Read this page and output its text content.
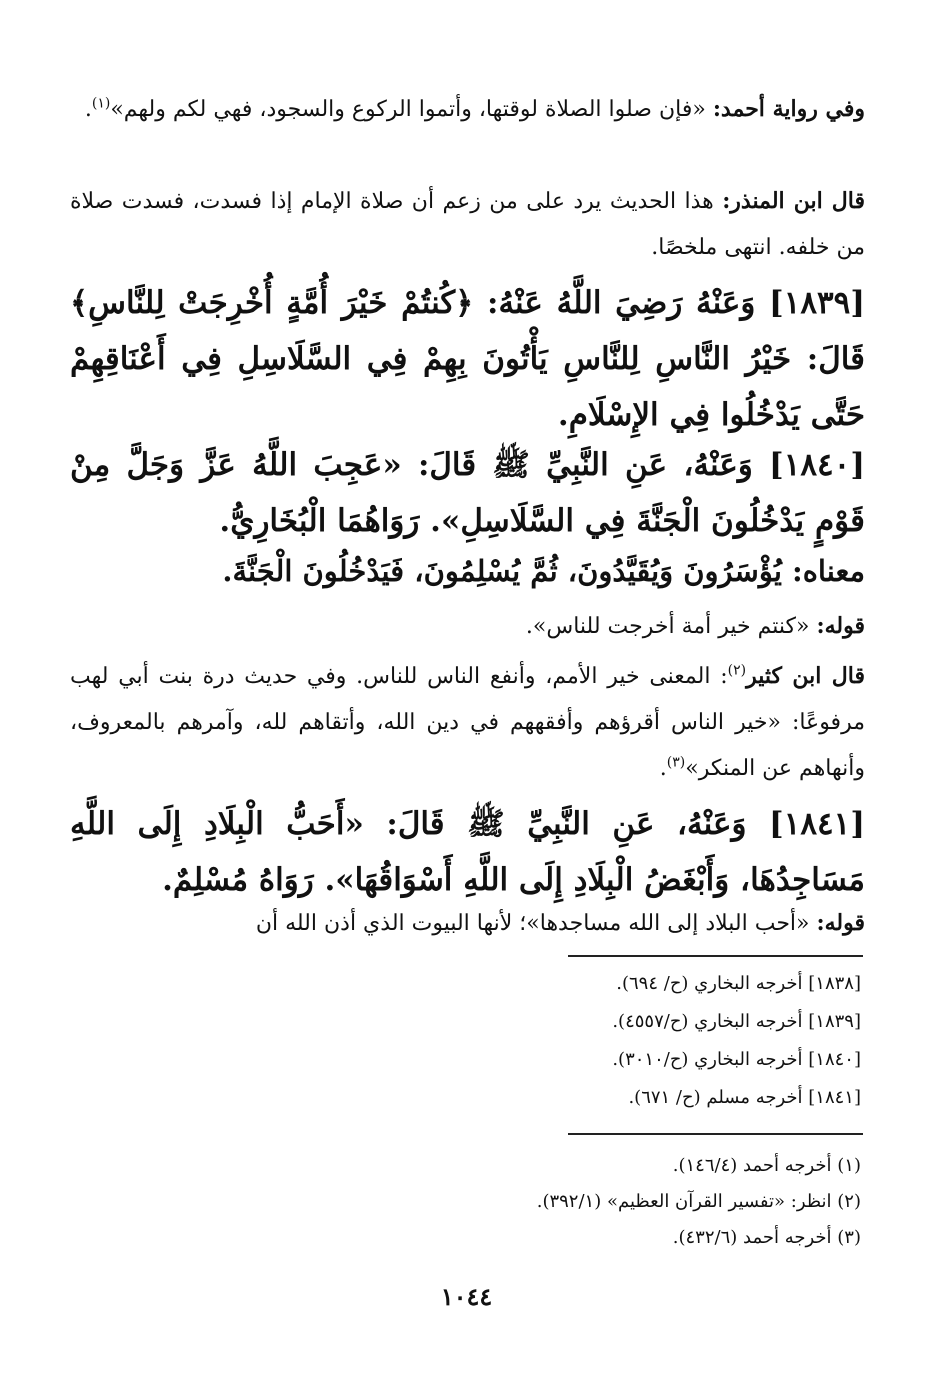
وفي رواية أحمد: «فإن صلوا الصلاة لوقتها، وأتموا الركوع والسجود، فهي لكم ولهم»$^{(١)}$.

قال ابن المنذر: هذا الحديث يرد على من زعم أن صلاة الإمام إذا فسدت، فسدت صلاة من خلفه. انتهى ملخصًا.

[١٨٣٩] وَعَنْهُ رَضِيَ اللَّهُ عَنْهُ: ﴿كُنتُمْ خَيْرَ أُمَّةٍ أُخْرِجَتْ لِلنَّاسِ﴾ قَالَ: خَيْرُ النَّاسِ لِلنَّاسِ يَأْتُونَ بِهِمْ فِي السَّلَاسِلِ فِي أَعْنَاقِهِمْ حَتَّى يَدْخُلُوا فِي الإِسْلَامِ.

[١٨٤٠] وَعَنْهُ، عَنِ النَّبِيِّ ﷺ قَالَ: «عَجِبَ اللَّهُ عَزَّ وَجَلَّ مِنْ قَوْمٍ يَدْخُلُونَ الْجَنَّةَ فِي السَّلَاسِلِ». رَوَاهُمَا الْبُخَارِيُّ.

معناه: يُؤْسَرُونَ وَيُقَيَّدُونَ، ثُمَّ يُسْلِمُونَ، فَيَدْخُلُونَ الْجَنَّةَ.

قوله: «كنتم خير أمة أخرجت للناس».

قال ابن كثير$^{(٢)}$: المعنى خير الأمم، وأنفع الناس للناس. وفي حديث درة بنت أبي لهب مرفوعًا: «خير الناس أقرؤهم وأفقههم في دين الله، وأتقاهم لله، وآمرهم بالمعروف، وأنهاهم عن المنكر»$^{(٣)}$.

[١٨٤١] وَعَنْهُ، عَنِ النَّبِيِّ ﷺ قَالَ: «أَحَبُّ الْبِلَادِ إِلَى اللَّهِ مَسَاجِدُهَا، وَأَبْغَضُ الْبِلَادِ إِلَى اللَّهِ أَسْوَاقُهَا». رَوَاهُ مُسْلِمٌ.

قوله: «أحب البلاد إلى الله مساجدها»؛ لأنها البيوت الذي أذن الله أن

[١٨٣٨] أخرجه البخاري (ح/ ٦٩٤).

[١٨٣٩] أخرجه البخاري (ح/٤٥٥٧).

[١٨٤٠] أخرجه البخاري (ح/٣٠١٠).

[١٨٤١] أخرجه مسلم (ح/ ٦٧١).

(١) أخرجه أحمد (١٤٦/٤).

(٢) انظر: «تفسير القرآن العظيم» (٣٩٢/١).

(٣) أخرجه أحمد (٤٣٢/٦).

١٠٤٤
